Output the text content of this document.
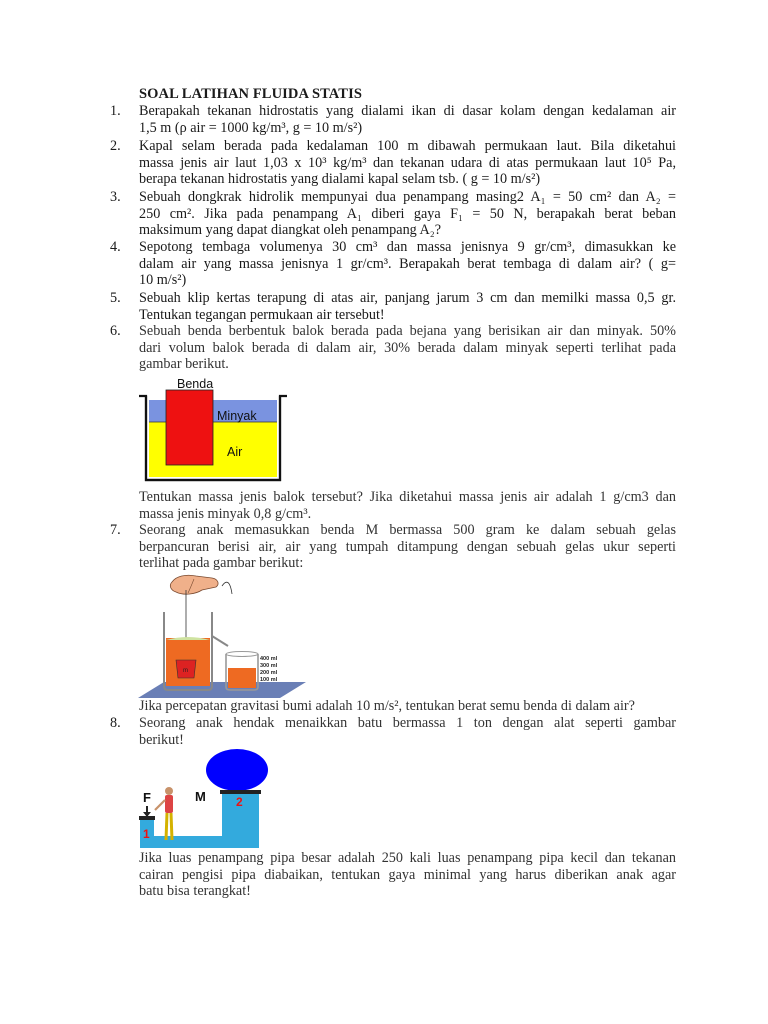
SOAL LATIHAN FLUIDA STATIS
1.	Berapakah tekanan hidrostatis yang dialami ikan di dasar kolam dengan kedalaman air
1,5 m (ρ air = 1000 kg/m³, g = 10 m/s²)
2.	Kapal selam berada pada kedalaman 100 m dibawah permukaan laut. Bila diketahui
massa jenis air laut 1,03 x 10³ kg/m³ dan tekanan udara di atas permukaan laut 10⁵ Pa,
berapa tekanan hidrostatis yang dialami kapal selam tsb. ( g = 10 m/s²)
3.	Sebuah dongkrak hidrolik mempunyai dua penampang masing2 A₁ = 50 cm² dan A₂ =
250 cm². Jika pada penampang A₁ diberi gaya F₁ = 50 N, berapakah berat beban
maksimum yang dapat diangkat oleh penampang A₂?
4.	Sepotong tembaga volumenya 30 cm³ dan massa jenisnya 9 gr/cm³, dimasukkan ke
dalam air yang massa jenisnya 1 gr/cm³. Berapakah berat tembaga di dalam air? ( g=
10 m/s²)
5.	Sebuah klip kertas terapung di atas air, panjang jarum 3 cm dan memilki massa 0,5 gr.
Tentukan tegangan permukaan air tersebut!
6.	Sebuah benda berbentuk balok berada pada bejana yang berisikan air dan minyak. 50%
dari volum balok berada di dalam air, 30% berada dalam minyak seperti terlihat pada
gambar berikut.
Benda
Minyak
Air
Tentukan massa jenis balok tersebut? Jika diketahui massa jenis air adalah 1 g/cm3 dan
massa jenis minyak 0,8 g/cm³.
7.	Seorang anak memasukkan benda M bermassa 500 gram ke dalam sebuah gelas
berpancuran berisi air, air yang tumpah ditampung dengan sebuah gelas ukur seperti
terlihat pada gambar berikut:
m
400 ml
300 ml
200 ml
100 ml
Jika percepatan gravitasi bumi adalah 10 m/s², tentukan berat semu benda di dalam air?
8.	Seorang anak hendak menaikkan batu bermassa 1 ton dengan alat seperti gambar
berikut!
F	M
1
2
Jika luas penampang pipa besar adalah 250 kali luas penampang pipa kecil dan tekanan
cairan pengisi pipa diabaikan, tentukan gaya minimal yang harus diberikan anak agar
batu bisa terangkat!
